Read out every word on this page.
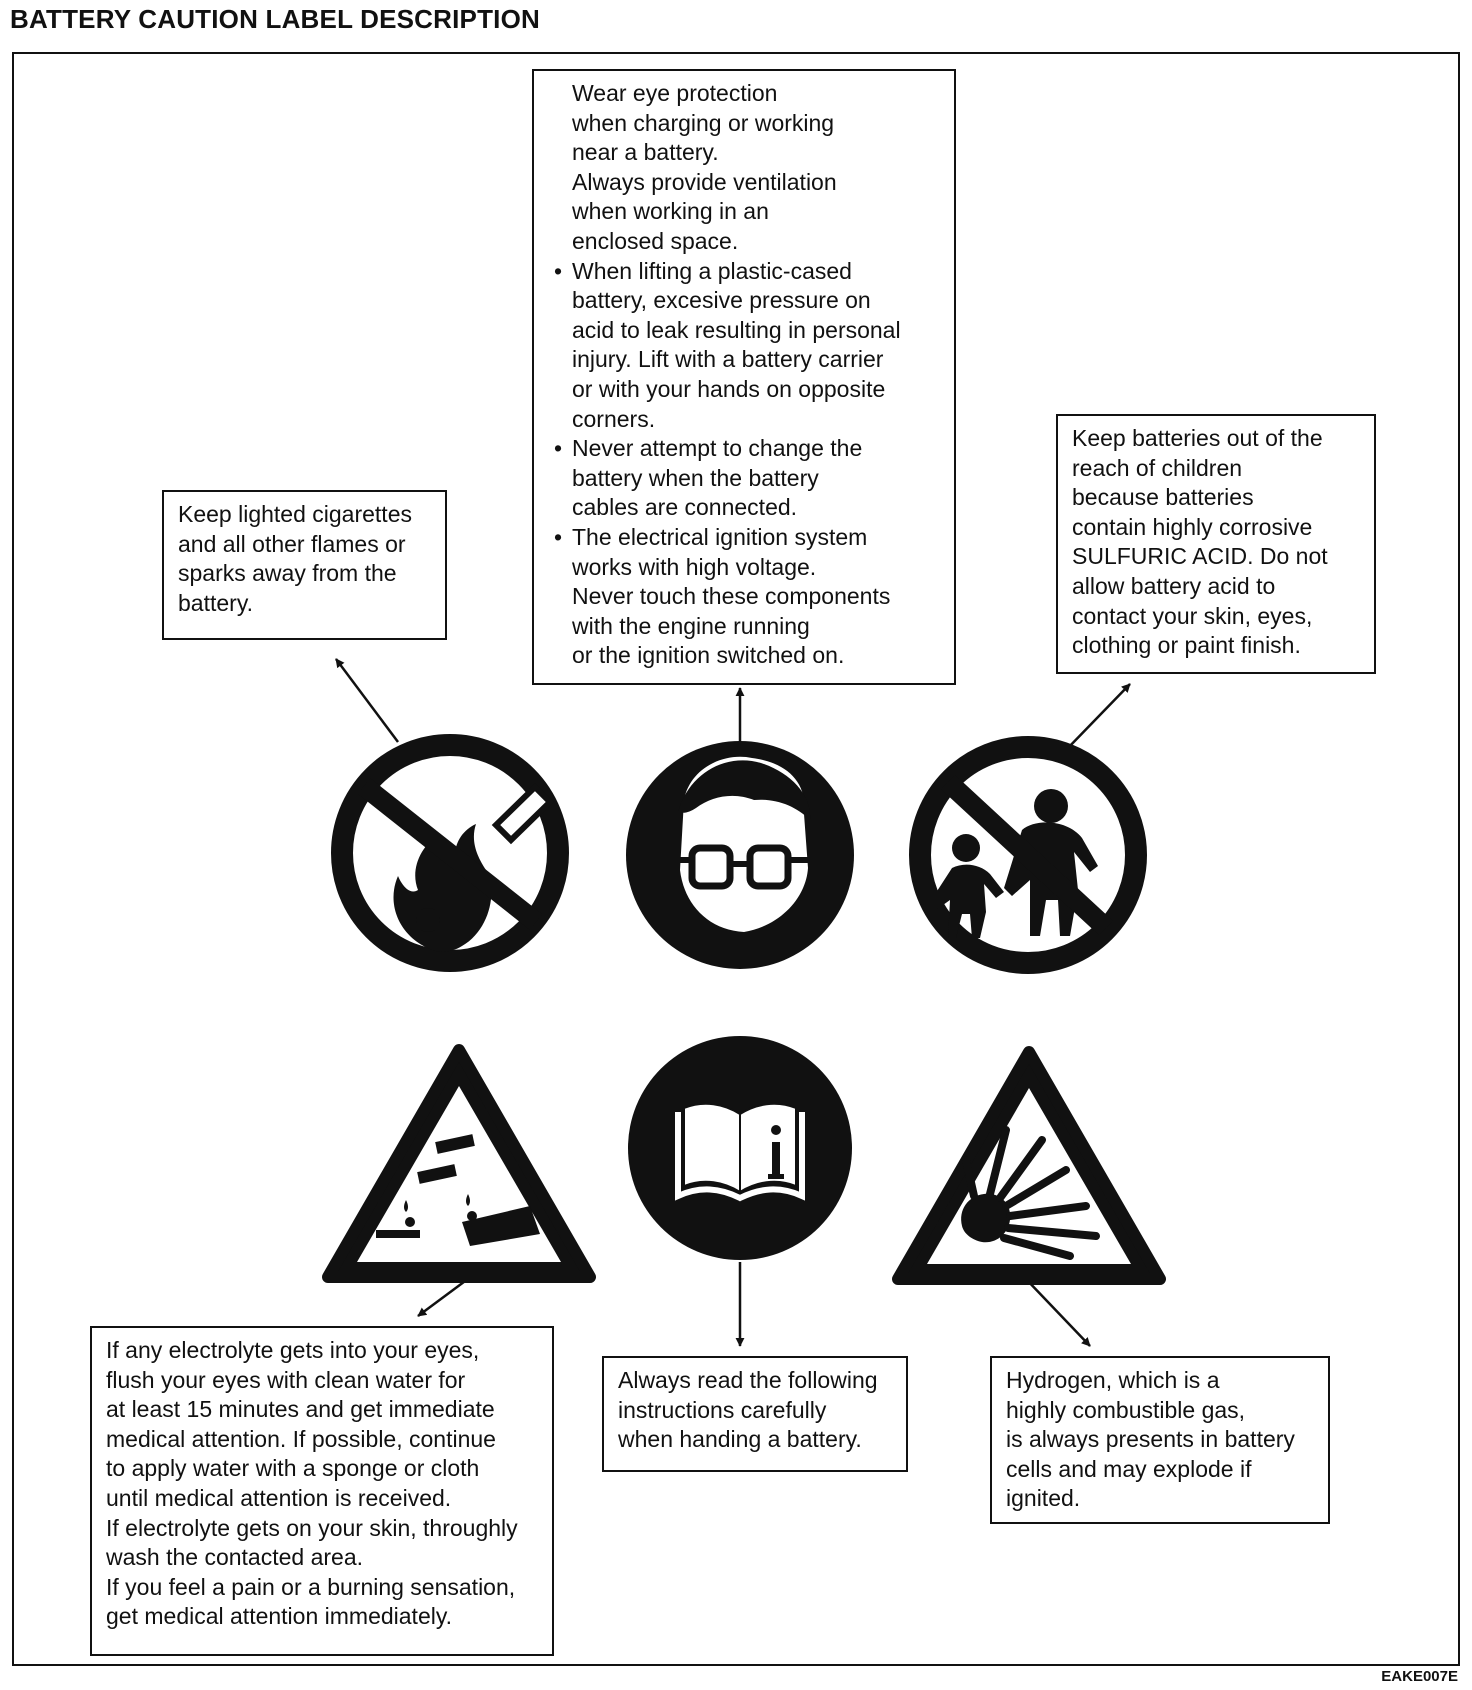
BATTERY CAUTION LABEL DESCRIPTION
Keep lighted cigarettes
and all other flames or
sparks away from the
battery.
Wear eye protection
when charging or working
near a battery.
Always provide ventilation
when working in an
enclosed space.
• When lifting a plastic-cased
battery, excesive pressure on
acid to leak resulting in personal
injury. Lift with a battery carrier
or with your hands on opposite
corners.
• Never attempt to change the
battery when the battery
cables are connected.
• The electrical ignition system
works with high voltage.
Never touch these components
with the engine running
or the ignition switched on.
Keep batteries out of the
reach of children
because batteries
contain highly corrosive
SULFURIC ACID. Do not
allow battery acid to
contact your skin, eyes,
clothing or paint finish.
If any electrolyte gets into your eyes,
flush your eyes with clean water for
at least 15 minutes and get immediate
medical attention. If possible, continue
to apply water with a sponge or cloth
until medical attention is received.
If electrolyte gets on your skin, throughly
wash the contacted area.
If you feel a pain or a burning sensation,
get medical attention immediately.
Always read the following
instructions carefully
when handing a battery.
Hydrogen, which is a
highly combustible gas,
is always presents in battery
cells and may explode if
ignited.
EAKE007E
